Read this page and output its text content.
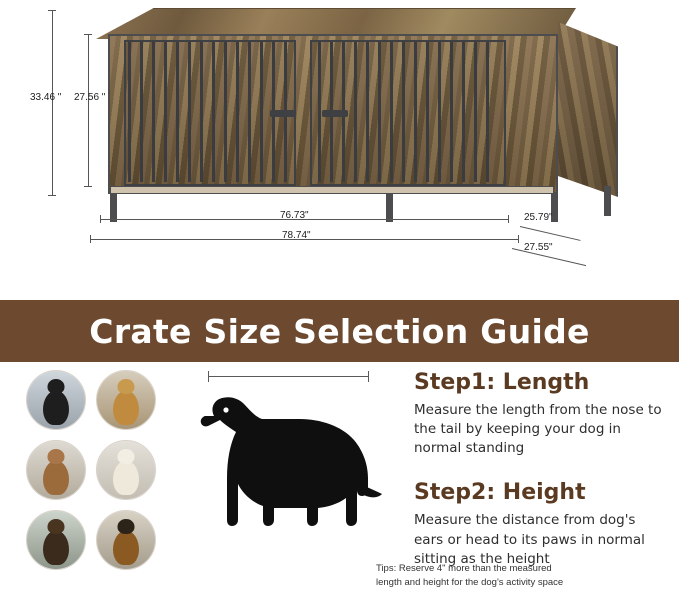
33.46 " 27.56 "
76.73"
78.74"
25.79"
27.55"
Crate Size Selection Guide
Tips: Reserve 4" more than the measured length and height for the dog's activity space
Step1: Length

Measure the length from the nose to the tail by keeping your dog in normal standing

Step2: Height

Measure the distance from dog's ears or head to its paws in normal sitting as the height
